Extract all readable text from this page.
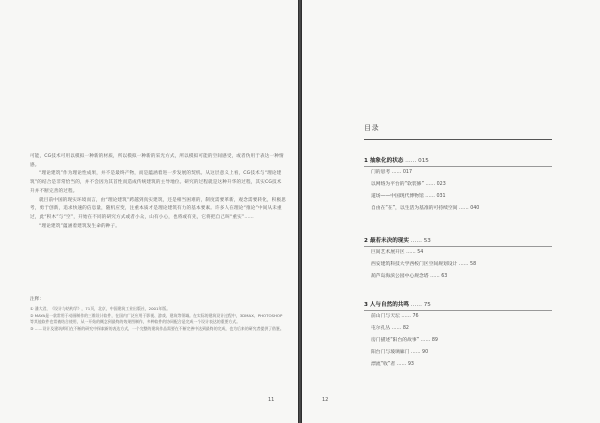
可能，CG技术可用以模拟一种新的材质，所以模拟一种新的采光方式，所以模拟可能的空间感受，或者伪用于表达一种情感。

“理论建筑”作为理论性成果，并不是最终产物，而是蕴涵着进一步发展的契机。从这层意义上看，CG技术与“理论建筑”的结合是非常恰当的，并不会因为其首性而造成传统建筑的主导地位。研究的过程就是这种升华的过程，其实CG技术升并不断完善的过程。

就目前中国的现实环境而言，由“理论建筑”跨越到真实建筑，还是相当困难的，制度需要革新，观念需要转化，积极思考，勇于创新，追求快速的信息量，随机应变，注重本质才是理论建筑有力的基本要素。许多人在理论“推论”中间从未重过，此“积木”与“空”，开始在不同的研究方式或者小众，山有小心，也将或有先，它将把自己叫“重实”……

“理论建筑”蕴涵着建筑发生命的种子。

注释：

① 潘大君，《设计与结构学》，71页，北京，中国建筑工业出版社，2001年版。

② MAYA是一款常用于动画制作的三维设计软件，在国内广泛应用于影视、游戏、建筑等领域。在实际的建筑设计过程中，3DMAX、PHOTOSHOP等其他软件也常被结合使用，从一开始的概念到最终的效果图制作，多种软件的协同配合是完成一个设计表达的重要方式。

③ ……设计及建筑师们在不断的研究中探索新的表达方式，一个完整的建筑作品需要在不断完善中达到最终的完成，也为后来的研究者提供了借鉴。

11
目录
1 抽象化的状态 …… 015
门的思考 …… 017
以网络为平台的“软装修” …… 023
道场——中国现代博物馆 …… 031
自由在“在”，以生活为基准的可持续空间 …… 040
2 最若未决的现实 …… 53
巨间艺术展开区 …… 54
西安建筑科技大学西校门区空间规划设计 …… 58
葫芦岛海滨公园中心规念塔 …… 63
3 人与自然的共鸣 …… 75
前山门与天坛 …… 76
屯尔孔丛 …… 82
房门描述“阳台的故事” …… 89
阳台门与玻璃廊门 …… 90
漂流“收”者 …… 93
12
